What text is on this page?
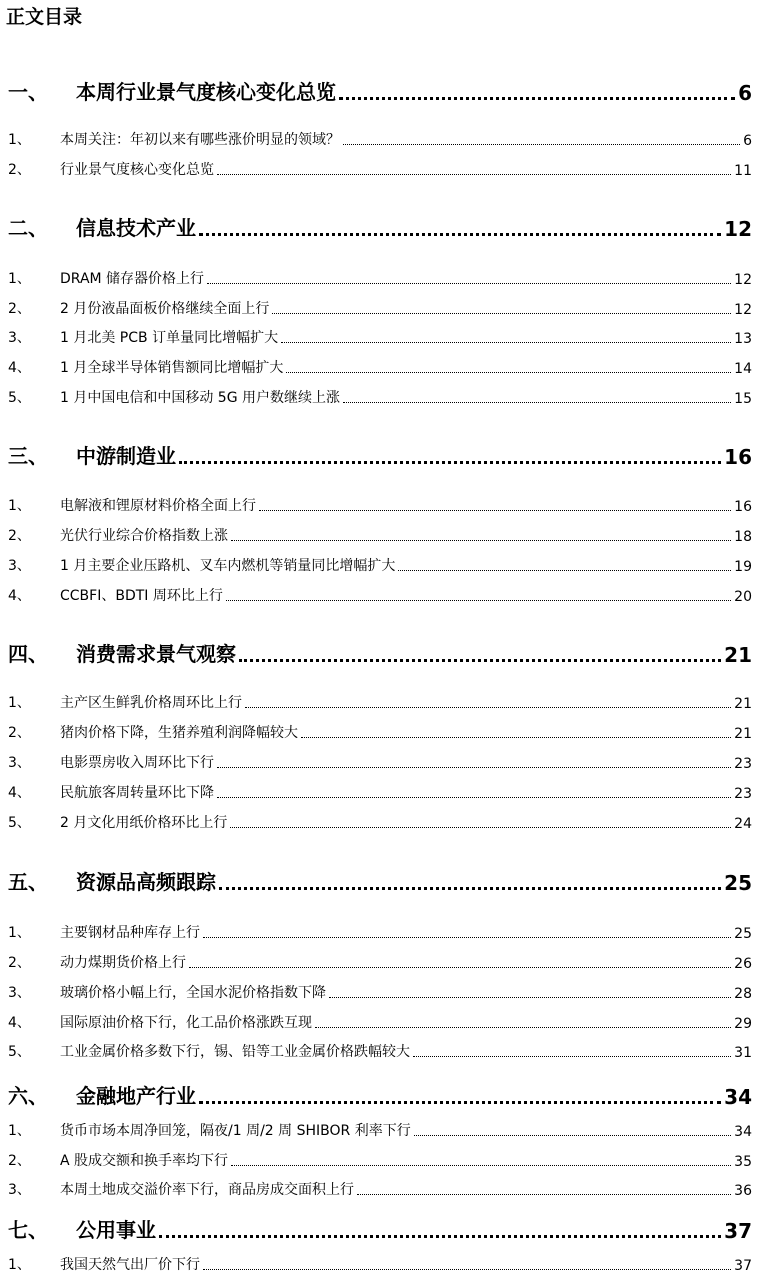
正文目录
一、	本周行业景气度核心变化总览	6
1、	本周关注：年初以来有哪些涨价明显的领域？	6
2、	行业景气度核心变化总览	11
二、	信息技术产业	12
1、	DRAM 储存器价格上行	12
2、	2 月份液晶面板价格继续全面上行	12
3、	1 月北美 PCB 订单量同比增幅扩大	13
4、	1 月全球半导体销售额同比增幅扩大	14
5、	1 月中国电信和中国移动 5G 用户数继续上涨	15
三、	中游制造业	16
1、	电解液和锂原材料价格全面上行	16
2、	光伏行业综合价格指数上涨	18
3、	1 月主要企业压路机、叉车内燃机等销量同比增幅扩大	19
4、	CCBFI、BDTI 周环比上行	20
四、	消费需求景气观察	21
1、	主产区生鲜乳价格周环比上行	21
2、	猪肉价格下降，生猪养殖利润降幅较大	21
3、	电影票房收入周环比下行	23
4、	民航旅客周转量环比下降	23
5、	2 月文化用纸价格环比上行	24
五、	资源品高频跟踪	25
1、	主要钢材品种库存上行	25
2、	动力煤期货价格上行	26
3、	玻璃价格小幅上行，全国水泥价格指数下降	28
4、	国际原油价格下行，化工品价格涨跌互现	29
5、	工业金属价格多数下行，锡、铅等工业金属价格跌幅较大	31
六、	金融地产行业	34
1、	货币市场本周净回笼，隔夜/1 周/2 周 SHIBOR 利率下行	34
2、	A 股成交额和换手率均下行	35
3、	本周土地成交溢价率下行，商品房成交面积上行	36
七、	公用事业	37
1、	我国天然气出厂价下行	37
